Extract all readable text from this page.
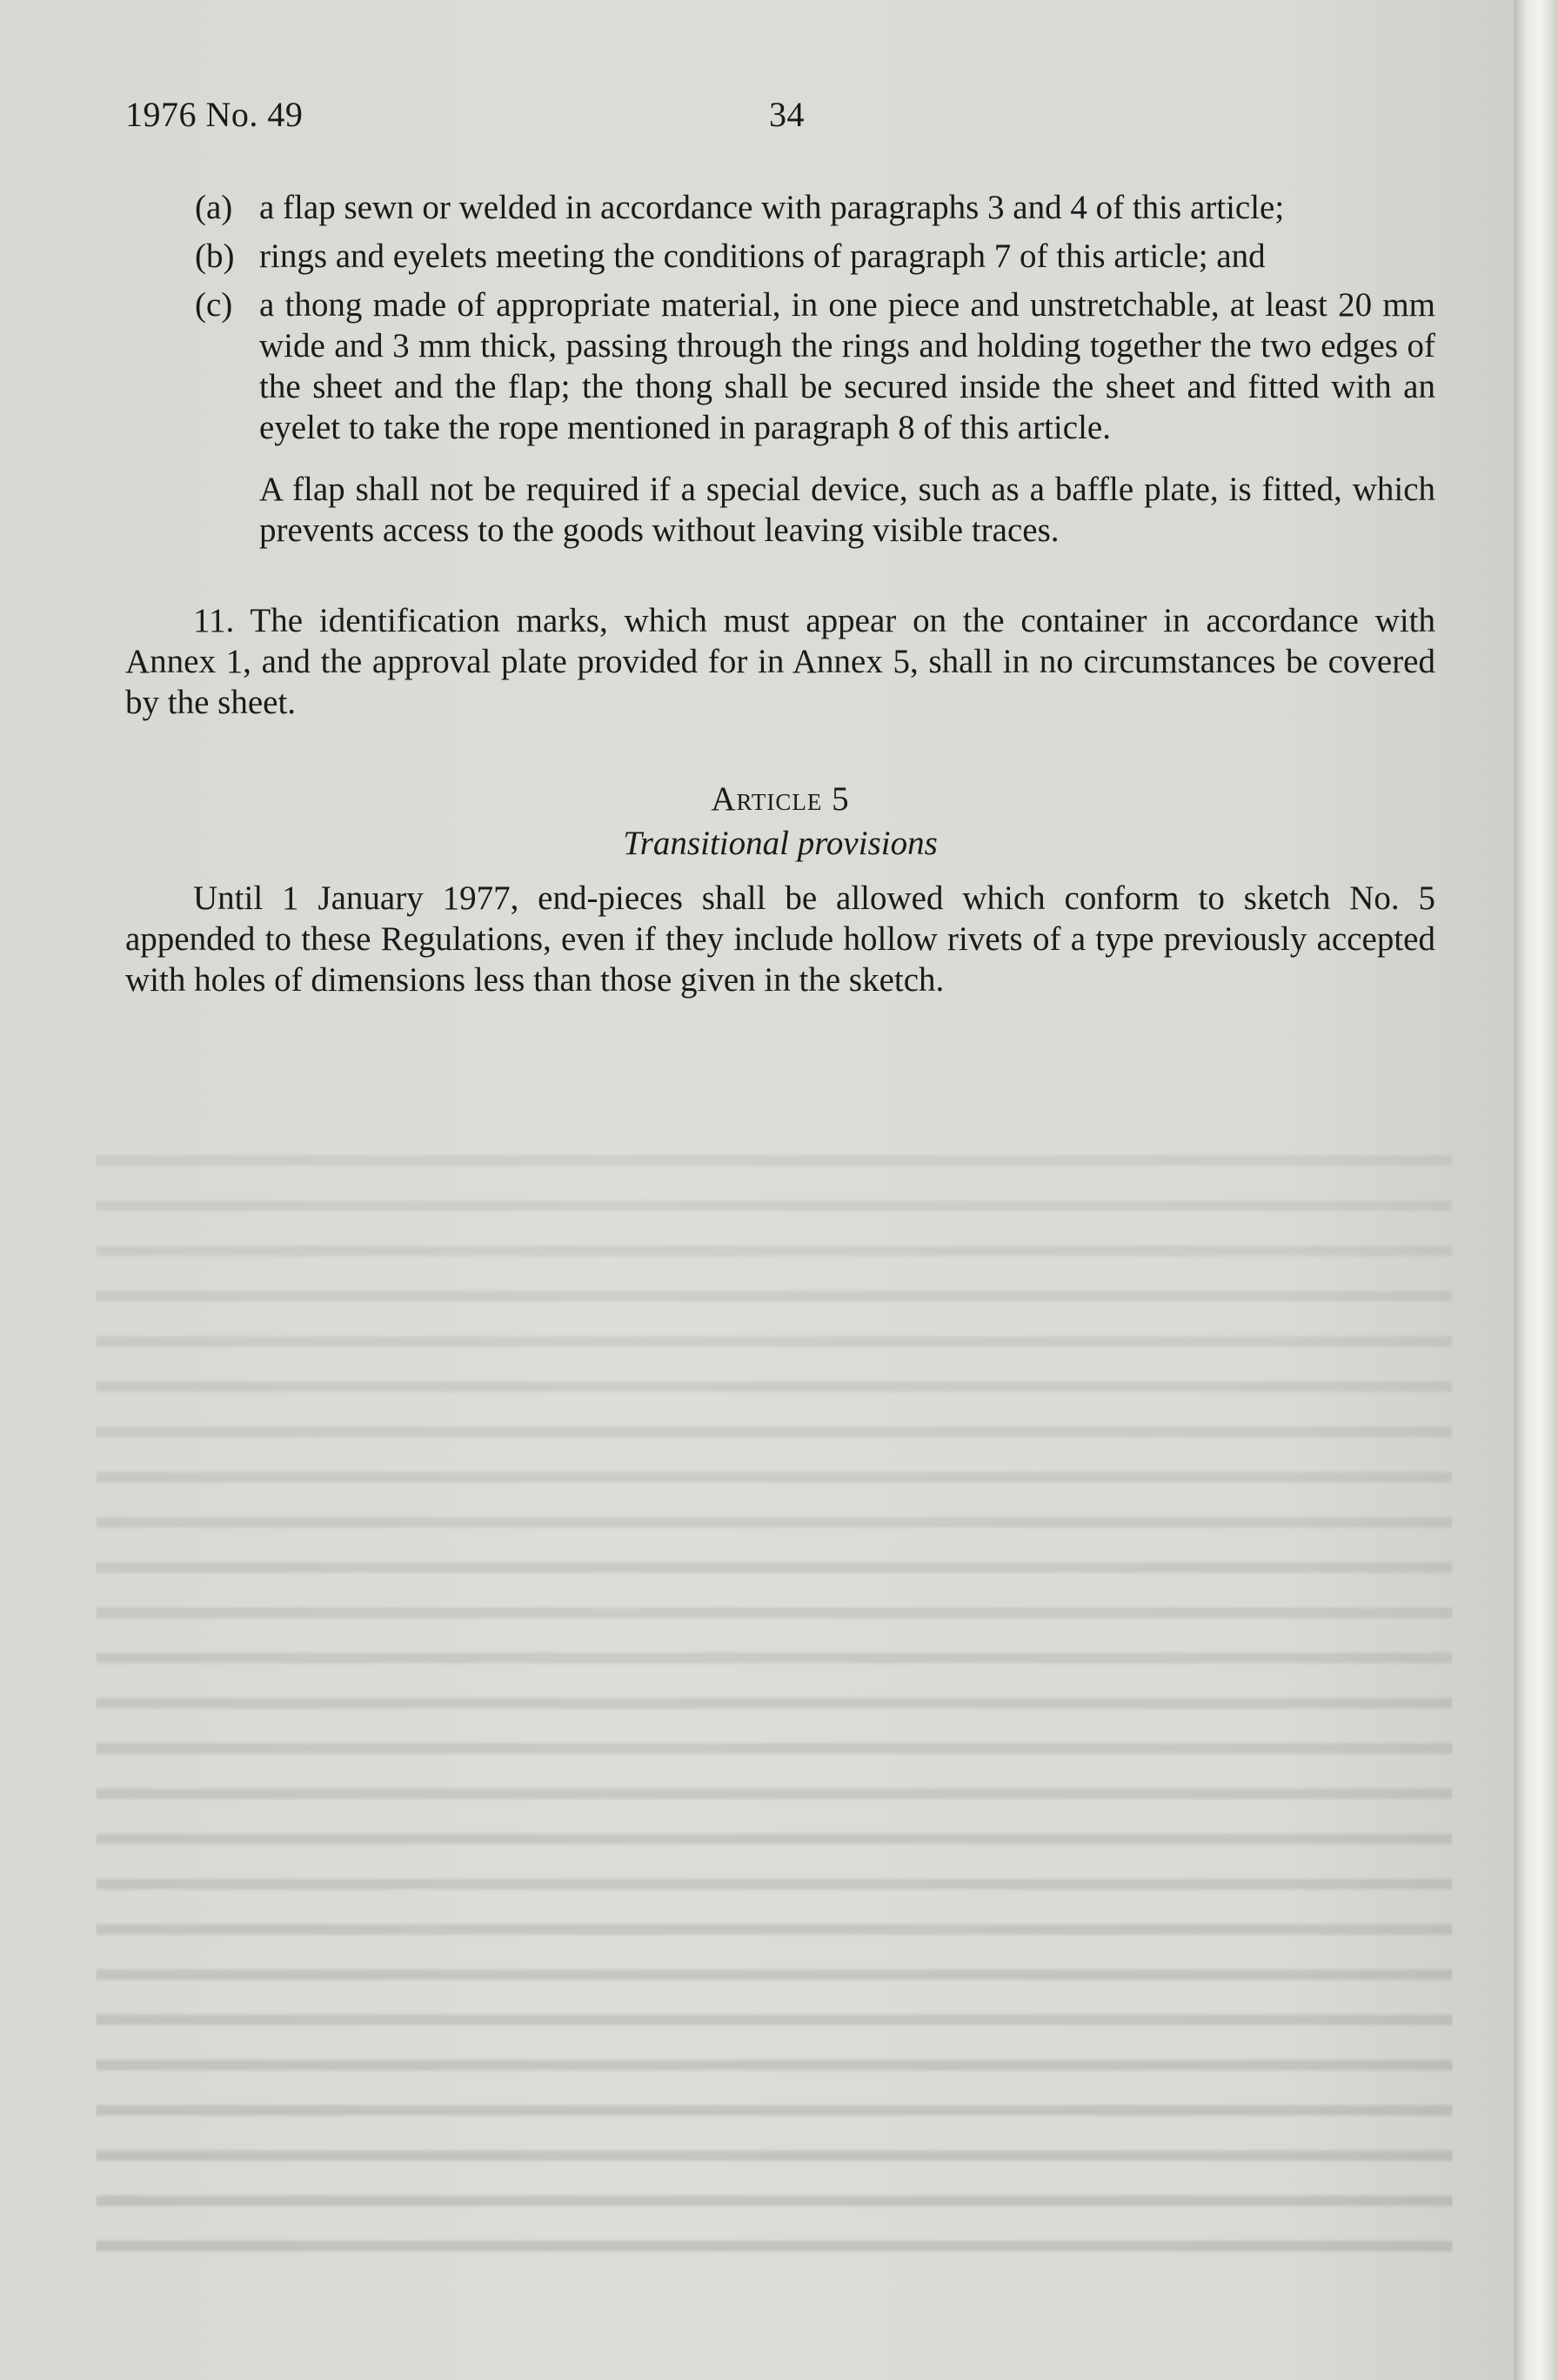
1976 No. 49	34
(a) a flap sewn or welded in accordance with paragraphs 3 and 4 of this article;
(b) rings and eyelets meeting the conditions of paragraph 7 of this article; and
(c) a thong made of appropriate material, in one piece and unstretchable, at least 20 mm wide and 3 mm thick, passing through the rings and holding together the two edges of the sheet and the flap; the thong shall be secured inside the sheet and fitted with an eyelet to take the rope mentioned in paragraph 8 of this article.
A flap shall not be required if a special device, such as a baffle plate, is fitted, which prevents access to the goods without leaving visible traces.
11. The identification marks, which must appear on the container in accordance with Annex 1, and the approval plate provided for in Annex 5, shall in no circumstances be covered by the sheet.
Article 5
Transitional provisions
Until 1 January 1977, end-pieces shall be allowed which conform to sketch No. 5 appended to these Regulations, even if they include hollow rivets of a type previously accepted with holes of dimensions less than those given in the sketch.
